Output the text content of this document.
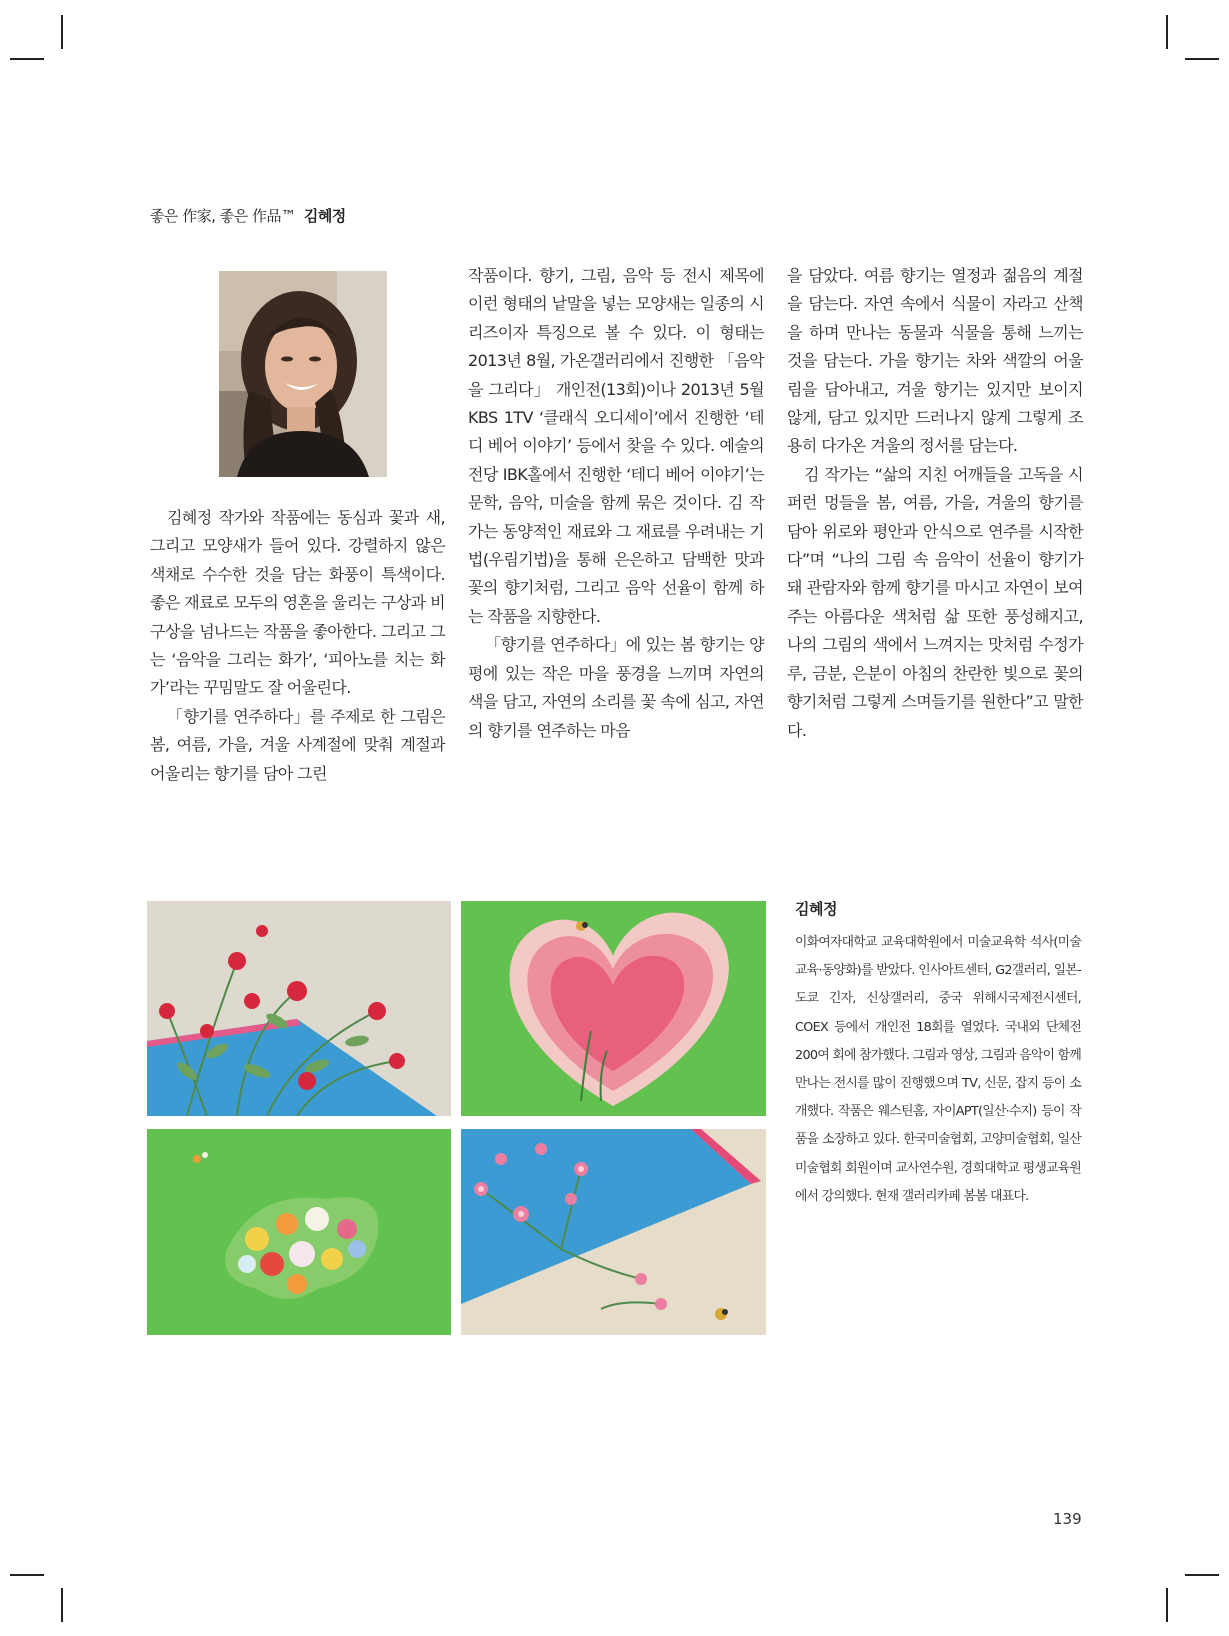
좋은 作家, 좋은 作品™ 김혜정

김혜정 작가와 작품에는 동심과 꽃과 새, 그리고 모양새가 들어 있다. 강렬하지 않은 색채로 수수한 것을 담는 화풍이 특색이다. 좋은 재료로 모두의 영혼을 울리는 구상과 비구상을 넘나드는 작품을 좋아한다. 그리고 그는 ‘음악을 그리는 화가’, ‘피아노를 치는 화가’라는 꾸밈말도 잘 어울린다.

「향기를 연주하다」를 주제로 한 그림은 봄, 여름, 가을, 겨울 사계절에 맞춰 계절과 어울리는 향기를 담아 그린

작품이다. 향기, 그림, 음악 등 전시 제목에 이런 형태의 낱말을 넣는 모양새는 일종의 시리즈이자 특징으로 볼 수 있다. 이 형태는 2013년 8월, 가온갤러리에서 진행한 「음악을 그리다」 개인전(13회)이나 2013년 5월 KBS 1TV ‘클래식 오디세이’에서 진행한 ‘테디 베어 이야기’ 등에서 찾을 수 있다. 예술의 전당 IBK홀에서 진행한 ‘테디 베어 이야기’는 문학, 음악, 미술을 함께 묶은 것이다. 김 작가는 동양적인 재료와 그 재료를 우려내는 기법(우림기법)을 통해 은은하고 담백한 맛과 꽃의 향기처럼, 그리고 음악 선율이 함께 하는 작품을 지향한다.

「향기를 연주하다」에 있는 봄 향기는 양평에 있는 작은 마을 풍경을 느끼며 자연의 색을 담고, 자연의 소리를 꽃 속에 심고, 자연의 향기를 연주하는 마음

을 담았다. 여름 향기는 열정과 젊음의 계절을 담는다. 자연 속에서 식물이 자라고 산책을 하며 만나는 동물과 식물을 통해 느끼는 것을 담는다. 가을 향기는 차와 색깔의 어울림을 담아내고, 겨울 향기는 있지만 보이지 않게, 담고 있지만 드러나지 않게 그렇게 조용히 다가온 겨울의 정서를 담는다.

김 작가는 “삶의 지친 어깨들을 고독을 시퍼런 멍들을 봄, 여름, 가을, 겨울의 향기를 담아 위로와 평안과 안식으로 연주를 시작한다”며 “나의 그림 속 음악이 선율이 향기가 돼 관람자와 함께 향기를 마시고 자연이 보여주는 아름다운 색처럼 삶 또한 풍성해지고, 나의 그림의 색에서 느껴지는 맛처럼 수정가루, 금분, 은분이 아침의 찬란한 빛으로 꽃의 향기처럼 그렇게 스며들기를 원한다”고 말한다.

김혜정

이화여자대학교 교육대학원에서 미술교육학 석사(미술교육·동양화)를 받았다. 인사아트센터, G2갤러리, 일본-도쿄 긴자, 신상갤러리, 중국 위해시국제전시센터, COEX 등에서 개인전 18회를 열었다. 국내외 단체전 200여 회에 참가했다. 그림과 영상, 그림과 음악이 함께 만나는 전시를 많이 진행했으며 TV, 신문, 잡지 등이 소개했다. 작품은 웨스틴홈, 자이APT(일산·수지) 등이 작품을 소장하고 있다. 한국미술협회, 고양미술협회, 일산미술협회 회원이며 교사연수원, 경희대학교 평생교육원에서 강의했다. 현재 갤러리카페 봄봄 대표다.

139
